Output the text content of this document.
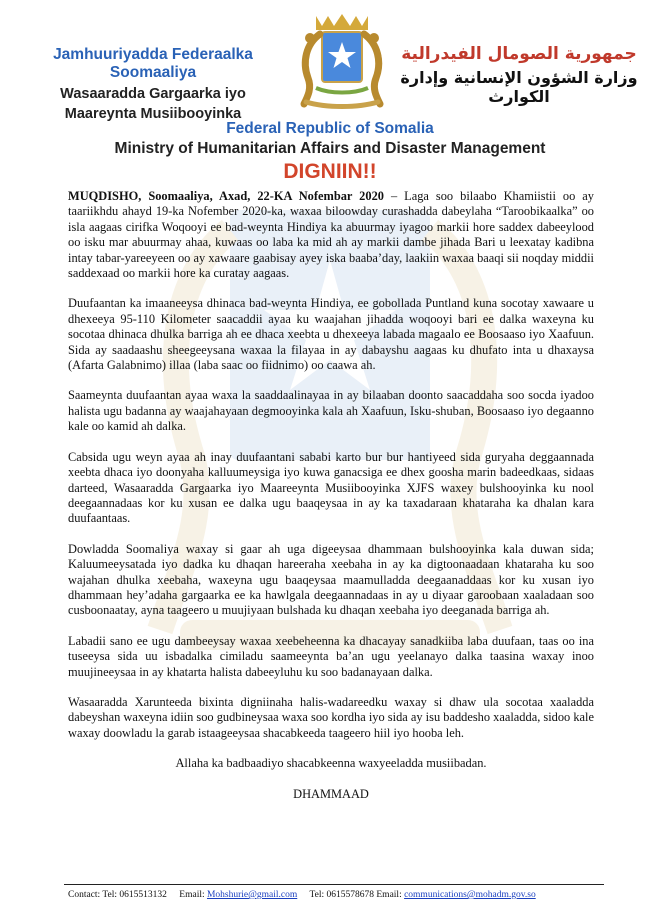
Jamhuuriyadda Federaalka Soomaaliya
Wasaaradda Gargaarka iyo
Maareynta Musiibooyinka
جمهورية الصومال الفيدرالية
وزارة الشؤون الإنسانية وإدارة الكوارث
Federal Republic of Somalia
Ministry of Humanitarian Affairs and Disaster Management
DIGNIIN!!

MUQDISHO, Soomaaliya, Axad, 22-KA Nofembar 2020 – Laga soo bilaabo Khamiistii oo ay taariikhdu ahayd 19-ka Nofember 2020-ka, waxaa biloowday curashadda dabeylaha “Taroobikaalka” oo isla aagaas cirifka Woqooyi ee bad-weynta Hindiya ka abuurmay iyagoo markii hore saddex dabeeylood oo isku mar abuurmay ahaa, kuwaas oo laba ka mid ah ay markii dambe jihada Bari u leexatay kadibna intay tabar-yareeyeen oo ay xawaare gaabisay ayey iska baaba’day, laakiin waxaa baaqi sii noqday middii saddexaad oo markii hore ka curatay aagaas.

Duufaantan ka imaaneeysa dhinaca bad-weynta Hindiya, ee gobollada Puntland kuna socotay xawaare u dhexeeya 95-110 Kilometer saacaddii ayaa ku waajahan jihadda woqooyi bari ee dalka waxeyna ku socotaa dhinaca dhulka barriga ah ee dhaca xeebta u dhexeeya labada magaalo ee Boosaaso iyo Xaafuun. Sida ay saadaashu sheegeeysana waxaa la filayaa in ay dabayshu aagaas ku dhufato inta u dhaxaysa (Afarta Galabnimo) illaa (laba saac oo fiidnimo) oo caawa ah.

Saameynta duufaantan ayaa waxa la saaddaalinayaa in ay bilaaban doonto saacaddaha soo socda iyadoo halista ugu badanna ay waajahayaan degmooyinka kala ah Xaafuun, Isku-shuban, Boosaaso iyo degaanno kale oo kamid ah dalka.

Cabsida ugu weyn ayaa ah inay duufaantani sababi karto bur bur hantiyeed sida guryaha deggaannada xeebta dhaca iyo doonyaha kalluumeysiga iyo kuwa ganacsiga ee dhex goosha marin badeedkaas, sidaas darteed, Wasaaradda Gargaarka iyo Maareeynta Musiibooyinka XJFS waxey bulshooyinka ku nool deegaannadaas kor ku xusan ee dalka ugu baaqeysaa in ay ka taxadaraan khataraha ka dhalan kara duufaantaas.

Dowladda Soomaliya waxay si gaar ah uga digeeysaa dhammaan bulshooyinka kala duwan sida; Kaluumeeysatada iyo dadka ku dhaqan hareeraha xeebaha in ay ka digtoonaadaan khataraha ku soo wajahan dhulka xeebaha, waxeyna ugu baaqeysaa maamulladda deegaanaddaas kor ku xusan iyo dhammaan hey’adaha gargaarka ee ka hawlgala deegaannadaas in ay u diyaar garoobaan xaaladaan soo cusboonaatay, ayna taageero u muujiyaan bulshada ku dhaqan xeebaha iyo deeganada barriga ah.

Labadii sano ee ugu dambeeysay waxaa xeebeheenna ka dhacayay sanadkiiba laba duufaan, taas oo ina tuseeysa sida uu isbadalka cimiladu saameeynta ba’an ugu yeelanayo dalka taasina waxay inoo muujineeysaa in ay khatarta halista dabeeyluhu ku soo badanayaan dalka.

Wasaaradda Xarunteeda bixinta digniinaha halis-wadareedku waxay si dhaw ula socotaa xaaladda dabeyshan waxeyna idiin soo gudbineysaa waxa soo kordha iyo sida ay isu baddesho xaaladda, sidoo kale waxay doowladu la garab istaageeysaa shacabkeeda taageero hiil iyo hooba leh.

Allaha ka badbaadiyo shacabkeenna waxyeeladda musiibadan.

DHAMMAAD

Contact: Tel: 0615513132 Email: Mohshurie@gmail.com Tel: 0615578678 Email: communications@mohadm.gov.so
